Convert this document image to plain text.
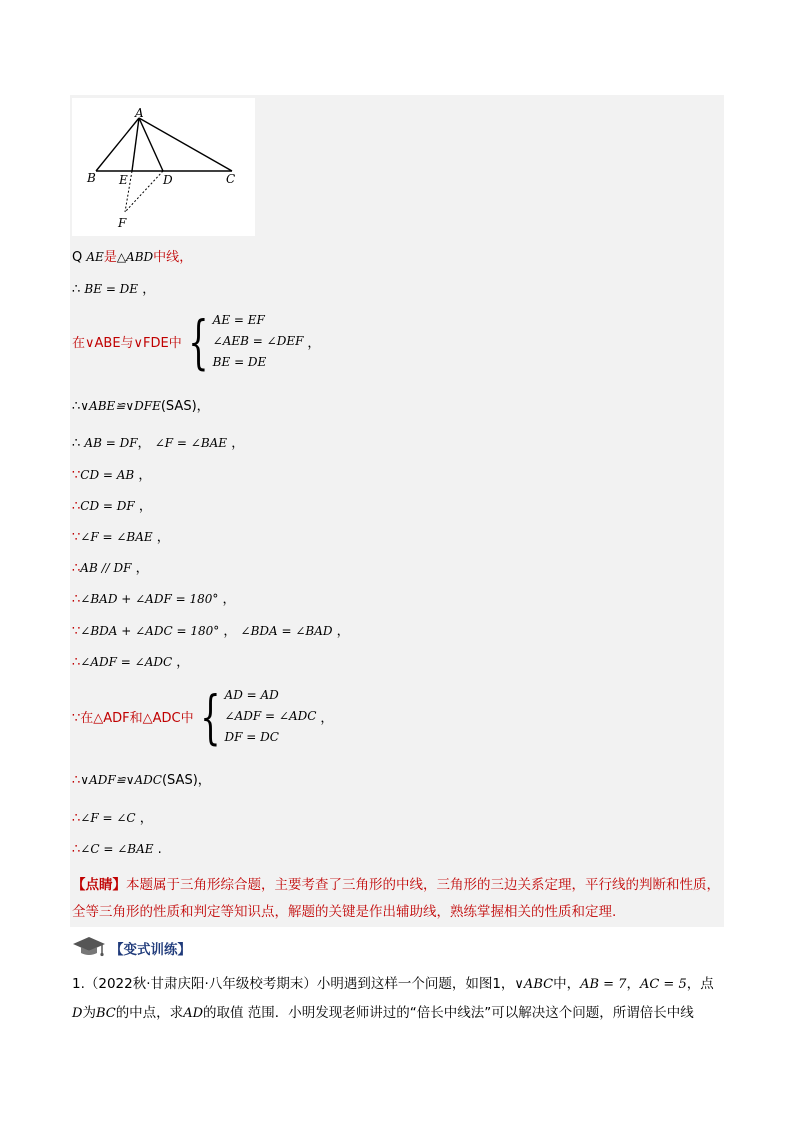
A
B E	D	C
F
Q AE是△ABD中线，
∴ BE = DE ，
在∨ABE与∨FDE中 { AE = EF
∠AEB = ∠DEF
BE = DE
，
∴∨ABE≌∨DFE(SAS)，
∴ AB = DF， ∠F = ∠BAE ，
∵CD = AB ，
∴CD = DF ，
∵∠F = ∠BAE ，
∴AB // DF ，
∴∠BAD + ∠ADF = 180° ，
∵∠BDA + ∠ADC = 180° ， ∠BDA = ∠BAD ，
∴∠ADF = ∠ADC ，
∵在△ADF和△ADC中 { AD = AD
∠ADF = ∠ADC
DF = DC
，
∴∨ADF≌∨ADC(SAS)，
∴∠F = ∠C ，
∴∠C = ∠BAE .
【点睛】本题属于三角形综合题，主要考查了三角形的中线，三角形的三边关系定理，平行线的判断和性质，全等三角形的性质和判定等知识点，解题的关键是作出辅助线，熟练掌握相关的性质和定理.
【变式训练】
1.（2022秋·甘肃庆阳·八年级校考期末）小明遇到这样一个问题，如图1，∨ABC中，AB = 7，AC = 5，点D为BC的中点，求AD的取值 范围．小明发现老师讲过的“倍长中线法”可以解决这个问题，所谓倍长中线
